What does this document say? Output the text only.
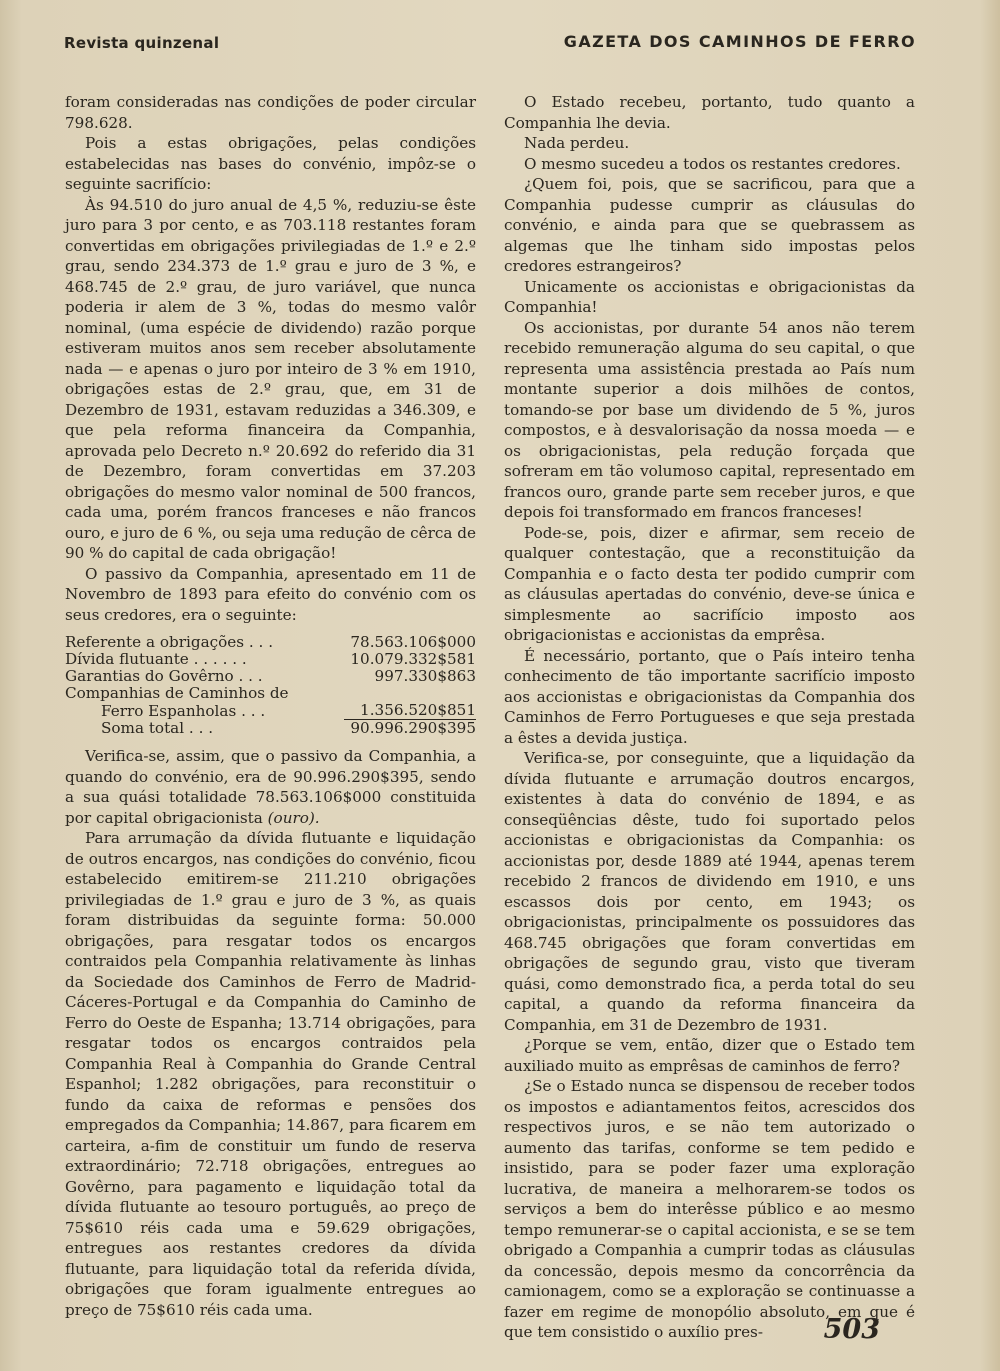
Revista quinzenal	GAZETA DOS CAMINHOS DE FERRO

foram consideradas nas condições de poder circular 798.628.

Pois a estas obrigações, pelas condições estabelecidas nas bases do convénio, impôz-se o seguinte sacrifício:

Às 94.510 do juro anual de 4,5 %, reduziu-se êste juro para 3 por cento, e as 703.118 restantes foram convertidas em obrigações privilegiadas de 1.º e 2.º grau, sendo 234.373 de 1.º grau e juro de 3 %, e 468.745 de 2.º grau, de juro variável, que nunca poderia ir alem de 3 %, todas do mesmo valôr nominal, (uma espécie de dividendo) razão porque estiveram muitos anos sem receber absolutamente nada — e apenas o juro por inteiro de 3 % em 1910, obrigações estas de 2.º grau, que, em 31 de Dezembro de 1931, estavam reduzidas a 346.309, e que pela reforma financeira da Companhia, aprovada pelo Decreto n.º 20.692 do referido dia 31 de Dezembro, foram convertidas em 37.203 obrigações do mesmo valor nominal de 500 francos, cada uma, porém francos franceses e não francos ouro, e juro de 6 %, ou seja uma redução de cêrca de 90 % do capital de cada obrigação!

O passivo da Companhia, apresentado em 11 de Novembro de 1893 para efeito do convénio com os seus credores, era o seguinte:

Referente a obrigações . . .	78.563.106$000
Dívida flutuante . . . . . .	10.079.332$581
Garantias do Govêrno . . .	997.330$863
Companhias de Caminhos de	
Ferro Espanholas . . .	1.356.520$851
Soma total . . .	90.996.290$395

Verifica-se, assim, que o passivo da Companhia, a quando do convénio, era de 90.996.290$395, sendo a sua quási totalidade 78.563.106$000 constituida por capital obrigacionista (ouro).

Para arrumação da dívida flutuante e liquidação de outros encargos, nas condições do convénio, ficou estabelecido emitirem-se 211.210 obrigações privilegiadas de 1.º grau e juro de 3 %, as quais foram distribuidas da seguinte forma: 50.000 obrigações, para resgatar todos os encargos contraidos pela Companhia relativamente às linhas da Sociedade dos Caminhos de Ferro de Madrid-Cáceres-Portugal e da Companhia do Caminho de Ferro do Oeste de Espanha; 13.714 obrigações, para resgatar todos os encargos contraidos pela Companhia Real à Companhia do Grande Central Espanhol; 1.282 obrigações, para reconstituir o fundo da caixa de reformas e pensões dos empregados da Companhia; 14.867, para ficarem em carteira, a-fim de constituir um fundo de reserva extraordinário; 72.718 obrigações, entregues ao Govêrno, para pagamento e liquidação total da dívida flutuante ao tesouro português, ao preço de 75$610 réis cada uma e 59.629 obrigações, entregues aos restantes credores da dívida flutuante, para liquidação total da referida dívida, obrigações que foram igualmente entregues ao preço de 75$610 réis cada uma.

O Estado recebeu, portanto, tudo quanto a Companhia lhe devia.

Nada perdeu.

O mesmo sucedeu a todos os restantes credores.

¿Quem foi, pois, que se sacrificou, para que a Companhia pudesse cumprir as cláusulas do convénio, e ainda para que se quebrassem as algemas que lhe tinham sido impostas pelos credores estrangeiros?

Unicamente os accionistas e obrigacionistas da Companhia!

Os accionistas, por durante 54 anos não terem recebido remuneração alguma do seu capital, o que representa uma assistência prestada ao País num montante superior a dois milhões de contos, tomando-se por base um dividendo de 5 %, juros compostos, e à desvalorisação da nossa moeda — e os obrigacionistas, pela redução forçada que sofreram em tão volumoso capital, representado em francos ouro, grande parte sem receber juros, e que depois foi transformado em francos franceses!

Pode-se, pois, dizer e afirmar, sem receio de qualquer contestação, que a reconstituição da Companhia e o facto desta ter podido cumprir com as cláusulas apertadas do convénio, deve-se única e simplesmente ao sacrifício imposto aos obrigacionistas e accionistas da emprêsa.

É necessário, portanto, que o País inteiro tenha conhecimento de tão importante sacrifício imposto aos accionistas e obrigacionistas da Companhia dos Caminhos de Ferro Portugueses e que seja prestada a êstes a devida justiça.

Verifica-se, por conseguinte, que a liquidação da dívida flutuante e arrumação doutros encargos, existentes à data do convénio de 1894, e as conseqüências dêste, tudo foi suportado pelos accionistas e obrigacionistas da Companhia: os accionistas por, desde 1889 até 1944, apenas terem recebido 2 francos de dividendo em 1910, e uns escassos dois por cento, em 1943; os obrigacionistas, principalmente os possuidores das 468.745 obrigações que foram convertidas em obrigações de segundo grau, visto que tiveram quási, como demonstrado fica, a perda total do seu capital, a quando da reforma financeira da Companhia, em 31 de Dezembro de 1931.

¿Porque se vem, então, dizer que o Estado tem auxiliado muito as emprêsas de caminhos de ferro?

¿Se o Estado nunca se dispensou de receber todos os impostos e adiantamentos feitos, acrescidos dos respectivos juros, e se não tem autorizado o aumento das tarifas, conforme se tem pedido e insistido, para se poder fazer uma exploração lucrativa, de maneira a melhorarem-se todos os serviços a bem do interêsse público e ao mesmo tempo remunerar-se o capital accionista, e se se tem obrigado a Companhia a cumprir todas as cláusulas da concessão, depois mesmo da concorrência da camionagem, como se a exploração se continuasse a fazer em regime de monopólio absoluto, em que é que tem consistido o auxílio pres-	503
